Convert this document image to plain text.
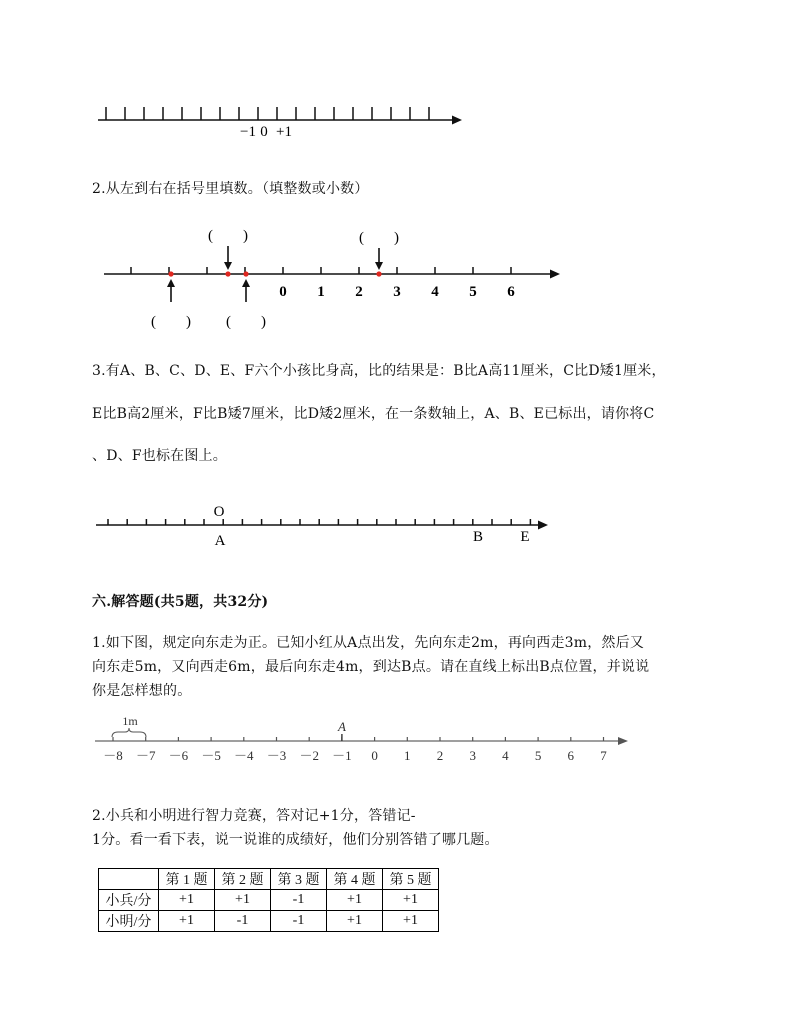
−1 0 +1
2.从左到右在括号里填数。（填整数或小数）
(　　)	(　　)
(　　) (　　)
0 1 2 3 4 5 6
3.有A、B、C、D、E、F六个小孩比身高，比的结果是：B比A高11厘米，C比D矮1厘米，
E比B高2厘米，F比B矮7厘米，比D矮2厘米，在一条数轴上，A、B、E已标出，请你将C
、D、F也标在图上。
O
A	B E
六.解答题(共5题，共32分)
1.如下图，规定向东走为正。已知小红从A点出发，先向东走2m，再向西走3m，然后又
向东走5m，又向西走6m，最后向东走4m，到达B点。请在直线上标出B点位置，并说说
你是怎样想的。
1m	A
－8 －7 －6 －5 －4 －3 －2 －1 0 1 2 3 4 5 6 7
2.小兵和小明进行智力竞赛，答对记+1分，答错记-
1分。看一看下表，说一说谁的成绩好，他们分别答错了哪几题。
	第 1 题	第 2 题	第 3 题	第 4 题	第 5 题
小兵/分	+1	+1	-1	+1	+1
小明/分	+1	-1	-1	+1	+1
